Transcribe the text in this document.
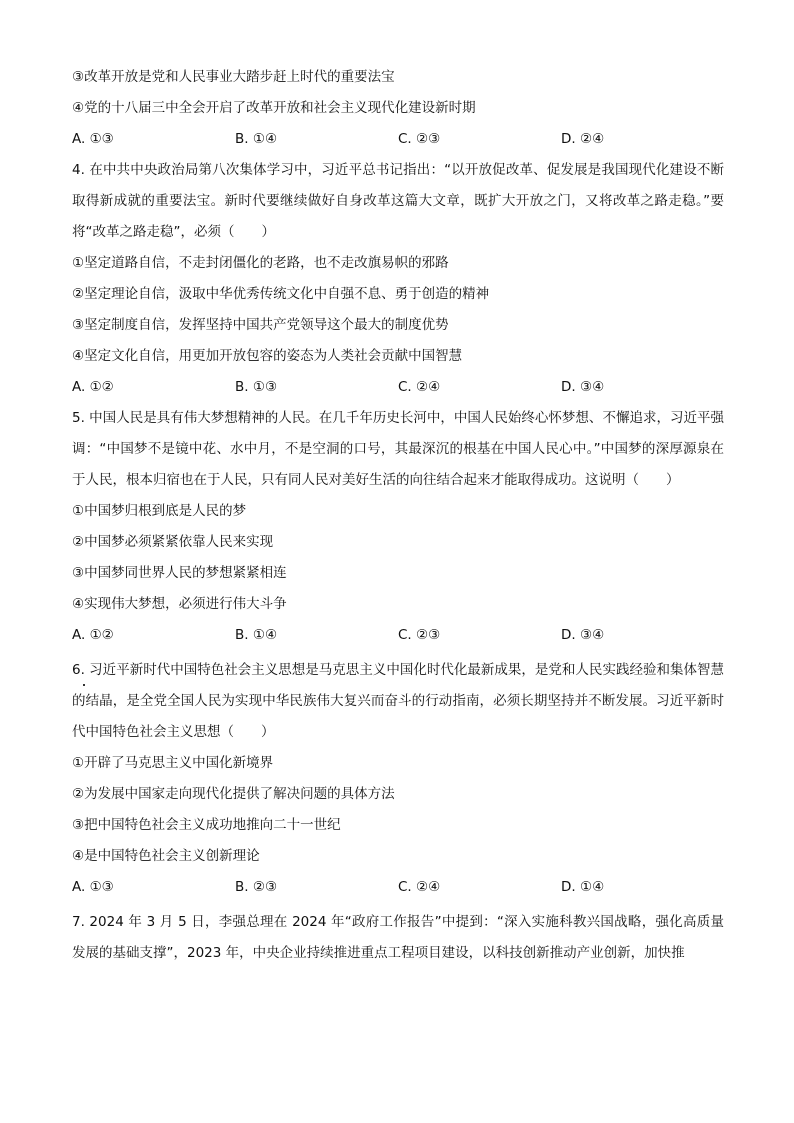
③改革开放是党和人民事业大踏步赶上时代的重要法宝
④党的十八届三中全会开启了改革开放和社会主义现代化建设新时期
A. ①③	B. ①④	C. ②③	D. ②④
4. 在中共中央政治局第八次集体学习中，习近平总书记指出：“以开放促改革、促发展是我国现代化建设不断取得新成就的重要法宝。新时代要继续做好自身改革这篇大文章，既扩大开放之门，又将改革之路走稳。”要将“改革之路走稳”，必须（　　）
①坚定道路自信，不走封闭僵化的老路，也不走改旗易帜的邪路
②坚定理论自信，汲取中华优秀传统文化中自强不息、勇于创造的精神
③坚定制度自信，发挥坚持中国共产党领导这个最大的制度优势
④坚定文化自信，用更加开放包容的姿态为人类社会贡献中国智慧
A. ①②	B. ①③	C. ②④	D. ③④
5. 中国人民是具有伟大梦想精神的人民。在几千年历史长河中，中国人民始终心怀梦想、不懈追求，习近平强调：“中国梦不是镜中花、水中月，不是空洞的口号，其最深沉的根基在中国人民心中。”中国梦的深厚源泉在于人民，根本归宿也在于人民，只有同人民对美好生活的向往结合起来才能取得成功。这说明（　　）
①中国梦归根到底是人民的梦
②中国梦必须紧紧依靠人民来实现
③中国梦同世界人民的梦想紧紧相连
④实现伟大梦想，必须进行伟大斗争
A. ①②	B. ①④	C. ②③	D. ③④
6. 习近平新时代中国特色社会主义思想是马克思主义中国化时代化最新成果，是党和人民实践经验和集体智慧的结晶，是全党全国人民为实现中华民族伟大复兴而奋斗的行动指南，必须长期坚持并不断发展。习近平新时代中国特色社会主义思想（　　）
①开辟了马克思主义中国化新境界
②为发展中国家走向现代化提供了解决问题的具体方法
③把中国特色社会主义成功地推向二十一世纪
④是中国特色社会主义创新理论
A. ①③	B. ②③	C. ②④	D. ①④
7. 2024 年 3 月 5 日，李强总理在 2024 年“政府工作报告”中提到：“深入实施科教兴国战略，强化高质量发展的基础支撑”，2023 年，中央企业持续推进重点工程项目建设，以科技创新推动产业创新，加快推
